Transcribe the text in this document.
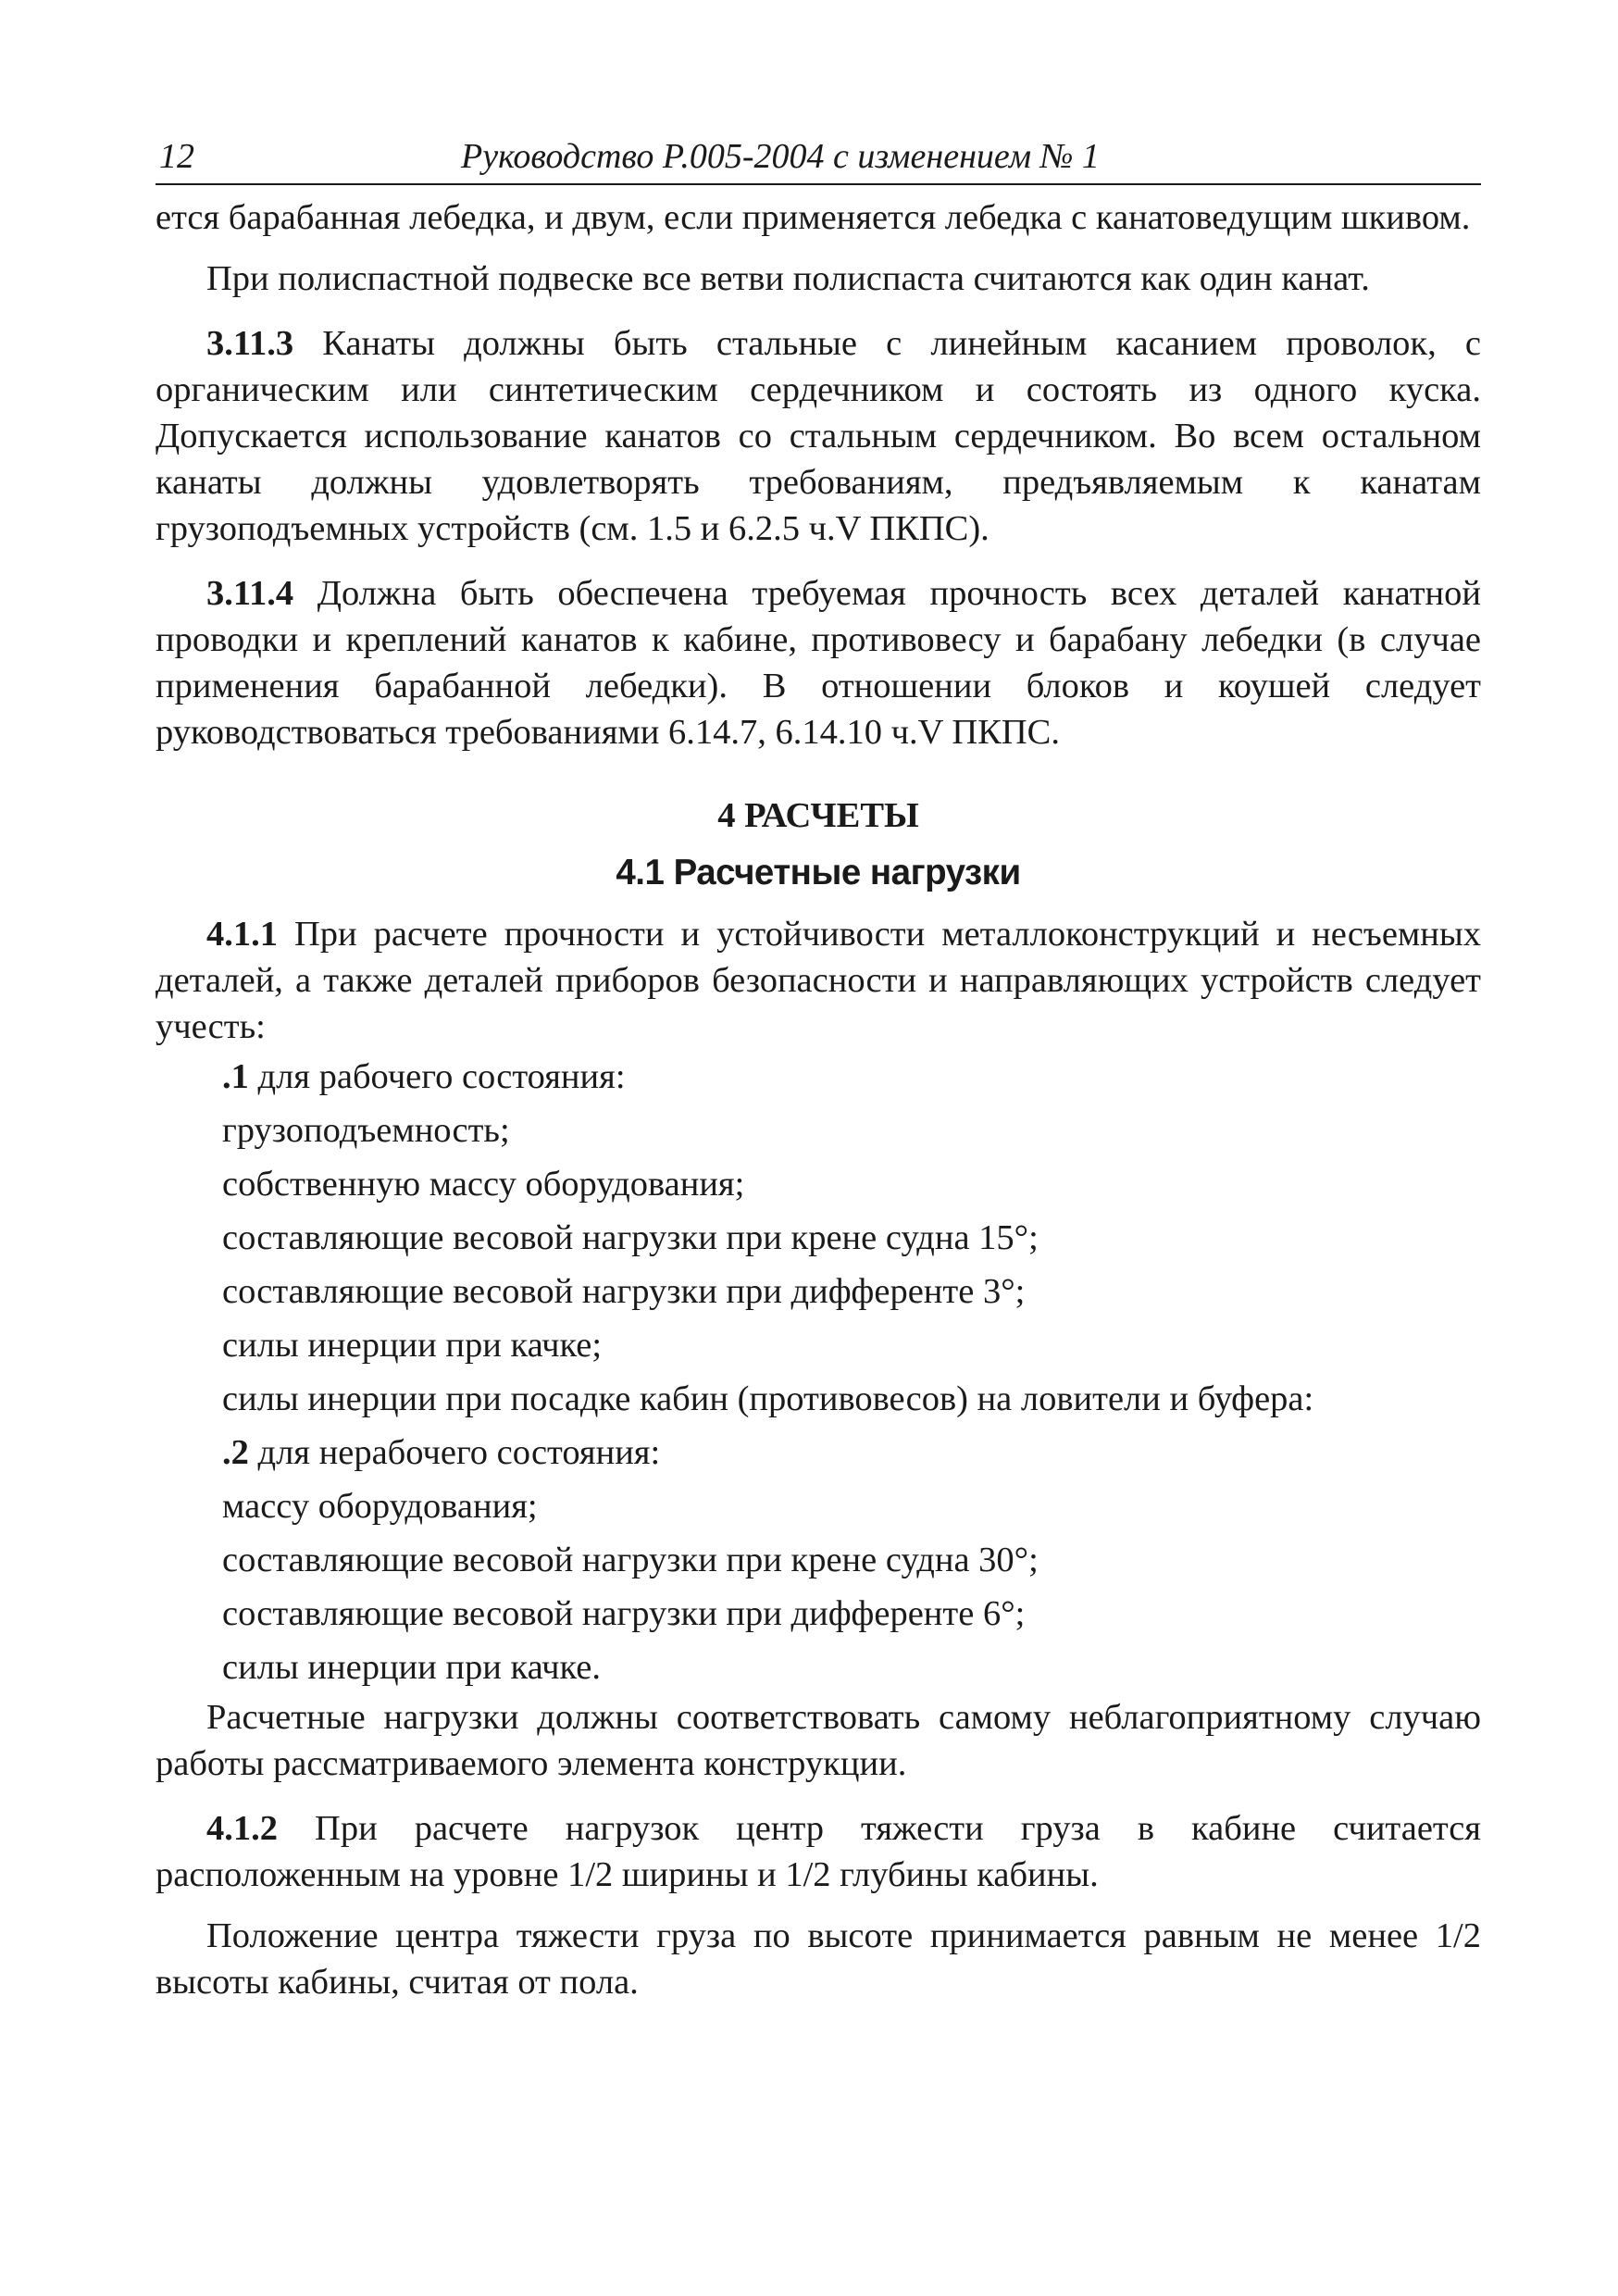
12	Руководство Р.005-2004 с изменением № 1

ется барабанная лебедка, и двум, если применяется лебедка с канатоведущим шкивом.

При полиспастной подвеске все ветви полиспаста считаются как один канат.

3.11.3 Канаты должны быть стальные с линейным касанием проволок, с органическим или синтетическим сердечником и состоять из одного куска. Допускается использование канатов со стальным сердечником. Во всем остальном канаты должны удовлетворять требованиям, предъявляемым к канатам грузоподъемных устройств (см. 1.5 и 6.2.5 ч.V ПКПС).

3.11.4 Должна быть обеспечена требуемая прочность всех деталей канатной проводки и креплений канатов к кабине, противовесу и барабану лебедки (в случае применения барабанной лебедки). В отношении блоков и коушей следует руководствоваться требованиями 6.14.7, 6.14.10 ч.V ПКПС.

4 РАСЧЕТЫ

4.1 Расчетные нагрузки

4.1.1 При расчете прочности и устойчивости металлоконструкций и несъемных деталей, а также деталей приборов безопасности и направляющих устройств следует учесть:

.1 для рабочего состояния:

грузоподъемность;

собственную массу оборудования;

составляющие весовой нагрузки при крене судна 15°;

составляющие весовой нагрузки при дифференте 3°;

силы инерции при качке;

силы инерции при посадке кабин (противовесов) на ловители и буфера:

.2 для нерабочего состояния:

массу оборудования;

составляющие весовой нагрузки при крене судна 30°;

составляющие весовой нагрузки при дифференте 6°;

силы инерции при качке.

Расчетные нагрузки должны соответствовать самому неблагоприятному случаю работы рассматриваемого элемента конструкции.

4.1.2 При расчете нагрузок центр тяжести груза в кабине считается расположенным на уровне 1/2 ширины и 1/2 глубины кабины.

Положение центра тяжести груза по высоте принимается равным не менее 1/2 высоты кабины, считая от пола.
